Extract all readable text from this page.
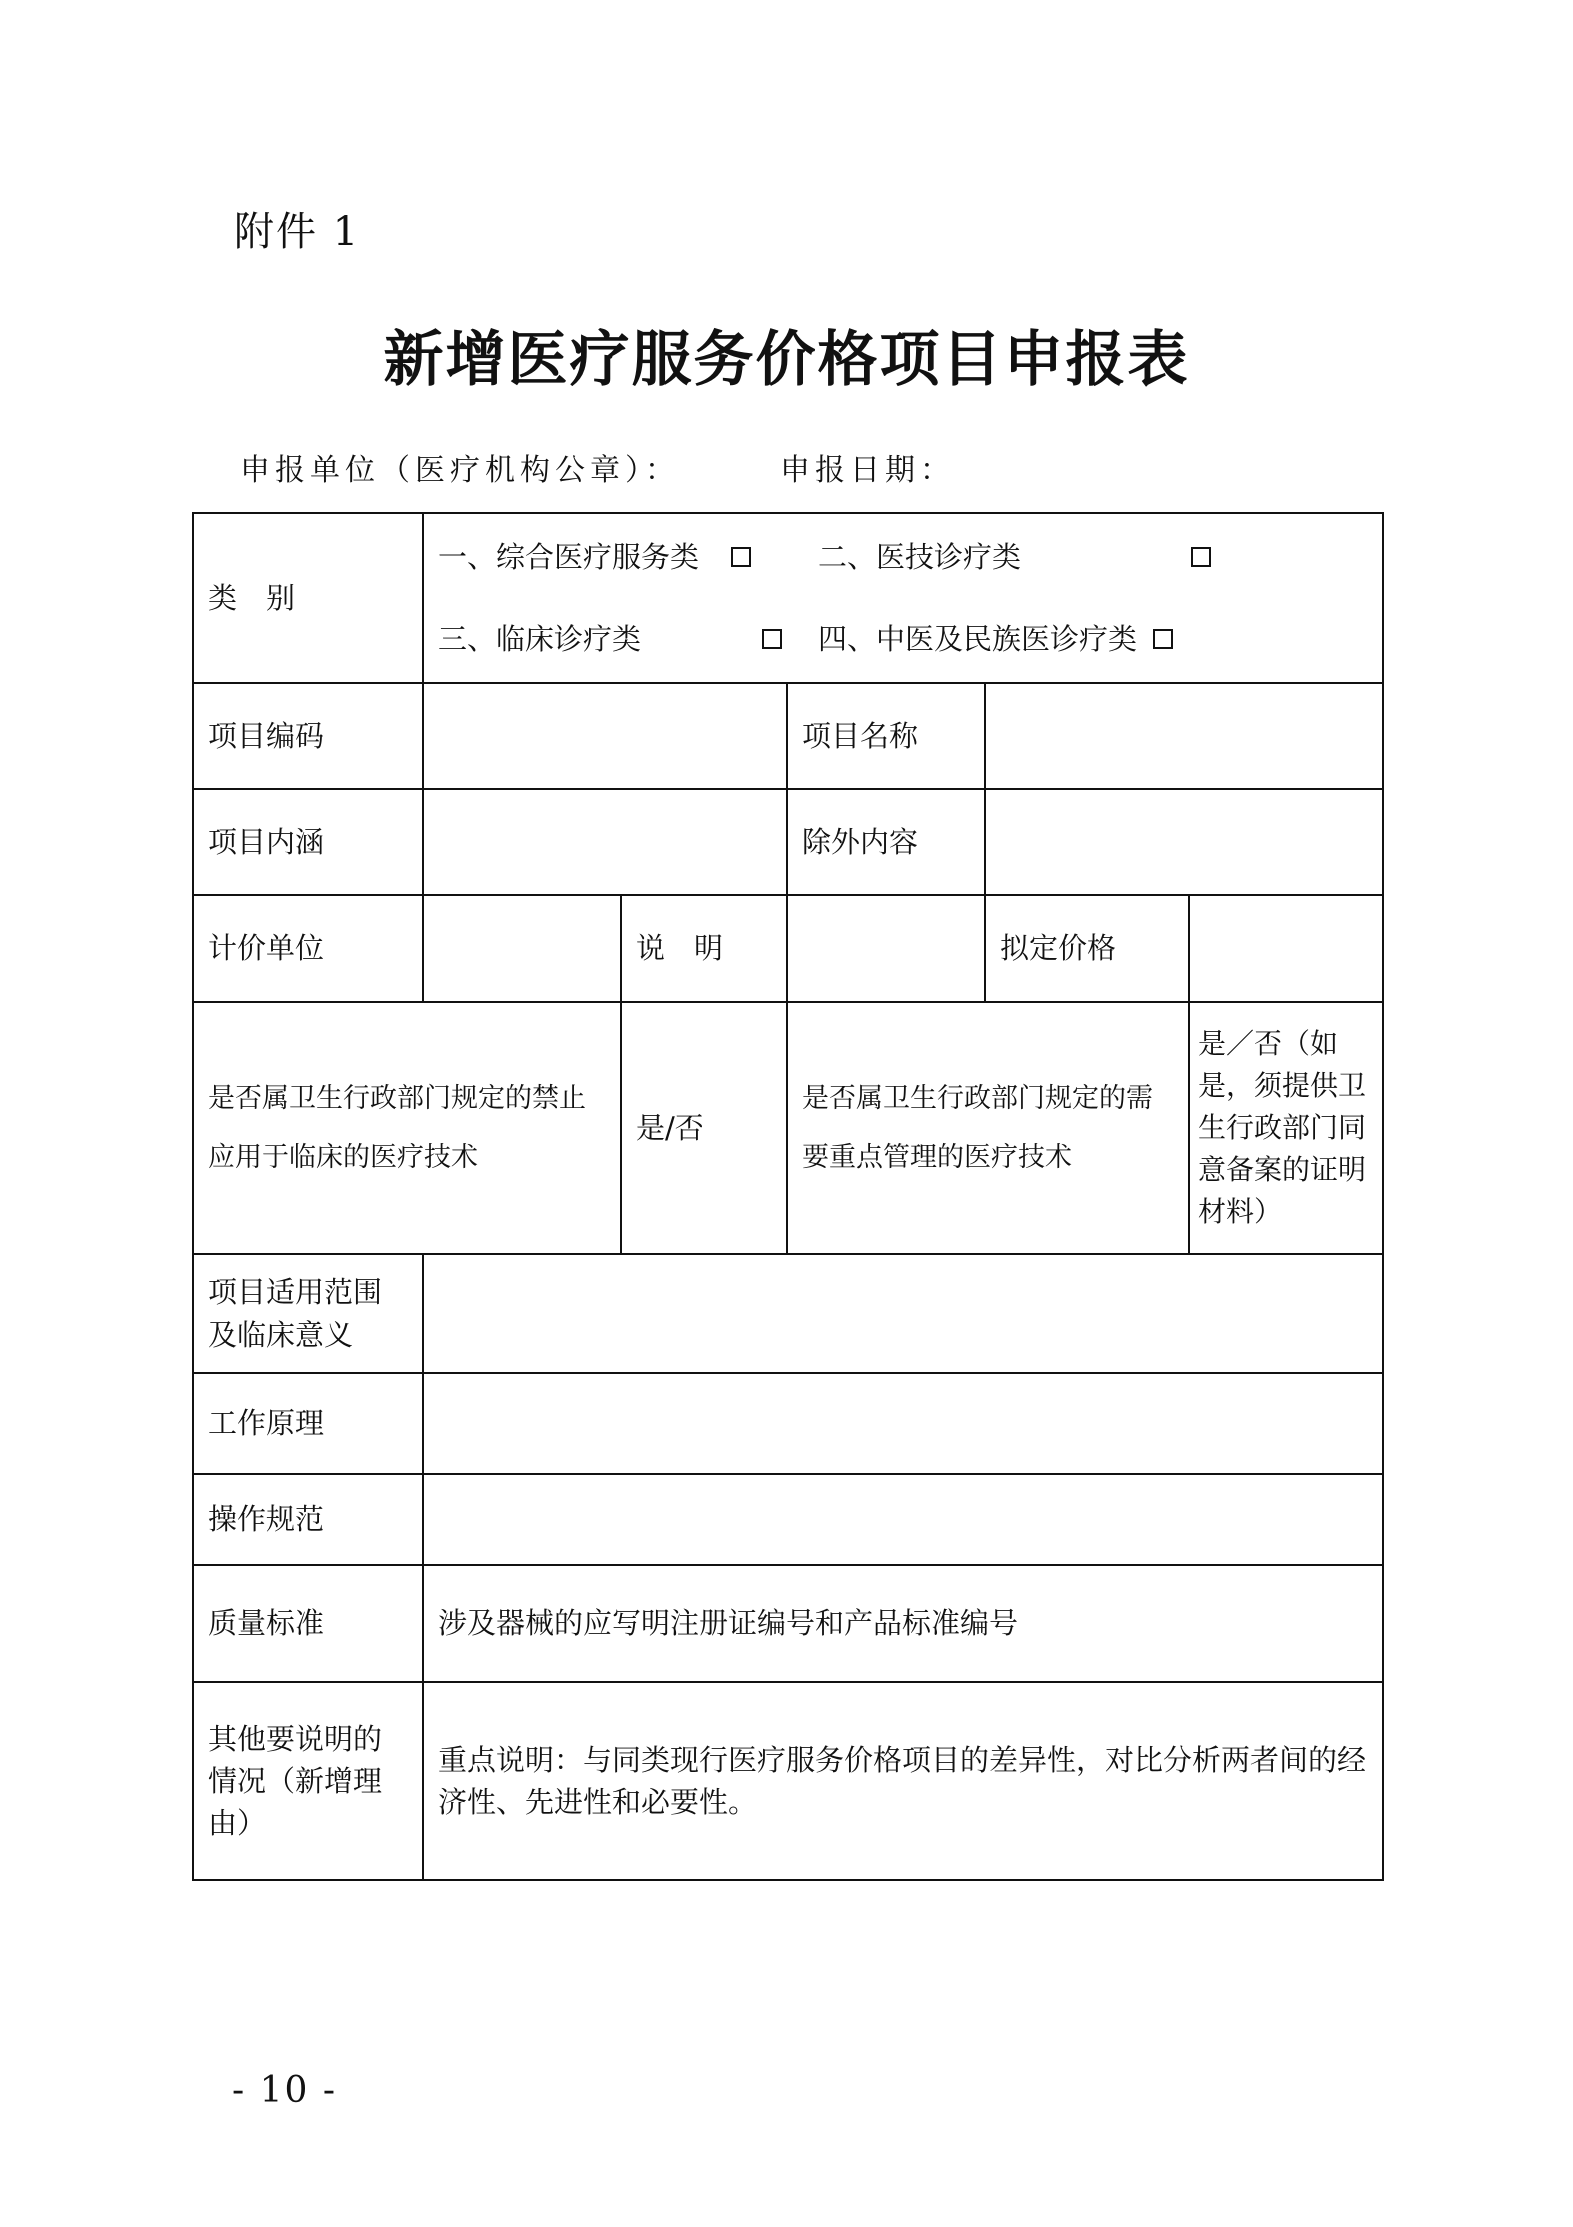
附件 1
新增医疗服务价格项目申报表
申报单位（医疗机构公章）：	申报日期：
类　别	一、综合医疗服务类 二、医技诊疗类
三、临床诊疗类 四、中医及民族医诊疗类				

项目编码			项目名称		
项目内涵			除外内容		
计价单位		说　明		拟定价格	
是否属卫生行政部门规定的禁止应用于临床的医疗技术		是/否	是否属卫生行政部门规定的需要重点管理的医疗技术		是／否（如是，须提供卫生行政部门同意备案的证明材料）
项目适用范围及临床意义					
工作原理					
操作规范					
质量标准	涉及器械的应写明注册证编号和产品标准编号				
其他要说明的情况（新增理由）	重点说明：与同类现行医疗服务价格项目的差异性，对比分析两者间的经济性、先进性和必要性。				
- 10 -
